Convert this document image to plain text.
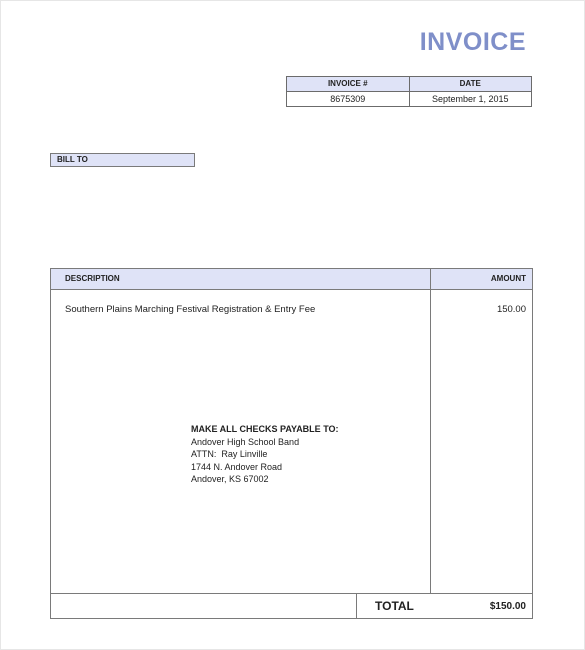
INVOICE
INVOICE #	DATE
8675309	September 1, 2015
BILL TO
DESCRIPTION	AMOUNT
Southern Plains Marching Festival Registration & Entry Fee	150.00
MAKE ALL CHECKS PAYABLE TO:
Andover High School Band
ATTN:  Ray Linville
1744 N. Andover Road
Andover, KS 67002
TOTAL	$150.00
